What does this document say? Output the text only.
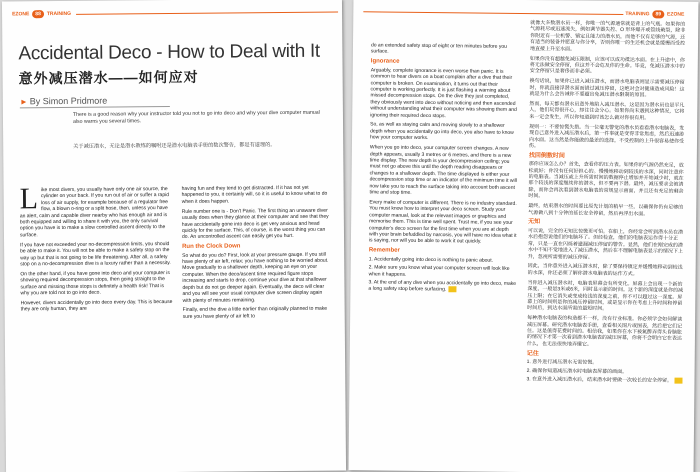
EZONE	88	TRAINING
Accidental Deco - How to Deal with It
意外减压潜水——如何应对
► By Simon Pridmore
There is a good reason why your instructor told you not to go into deco and why your dive computer manual also warns you several times.
关于减压潜水，无论是潜水教练的嘱咐还是潜水电脑表手册的数次警告，都是有道理的。

Like most divers, you usually have only one air source, the cylinder on your back. If you run out of air or suffer a rapid loss of air supply, for example because of a regulator free flow, a blown o-ring or a split hose, then, unless you have an alert, calm and capable diver nearby who has enough air and is both equipped and willing to share it with you, the only survival option you have is to make a slow controlled ascent directly to the surface.

If you have not exceeded your no-decompression limits, you should be able to make it. You will not be able to make a safety stop on the way up but that is not going to be life threatening. After all, a safety stop on a no-decompression dive is a luxury rather than a necessity.

On the other hand, if you have gone into deco and your computer is showing required decompression stops, then going straight to the surface and missing those stops is definitely a health risk! That is why you are told not to go into deco.

However, divers accidentally go into deco every day. This is because they are only human, they are

having fun and they tend to get distracted. If it has not yet happened to you, it certainly will, so it is useful to know what to do when it does happen.

Rule number one is - Don't Panic. The first thing an unaware diver usually does when they glance at their computer and see that they have accidentally gone into deco is get very anxious and head quickly for the surface. This, of course, is the worst thing you can do. An uncontrolled ascent can easily get you hurt.

Run the Clock Down

So what do you do? First, look at your pressure gauge. If you still have plenty of air left, relax; you have nothing to be worried about. Move gradually to a shallower depth, keeping an eye on your computer. When the deco/ascent time required figure stops increasing and starts to drop, continue your dive at that shallower depth but do not go deeper again. Eventually, the deco will clear and you will see your usual computer dive screen display again with plenty of minutes remaining.

Finally, end the dive a little earlier than originally planned to make sure you have plenty of air left to

TRAINING	89	EZONE

do an extended safety stop of eight or ten minutes before you surface.

Ignorance

Arguably, complete ignorance is even worse than panic. It is common to hear divers on a boat complain after a dive that their computer is broken. On examination, it turns out that their computer is working perfectly. It is just flashing a warning about missed decompression stops. On the dive they just completed, they obviously went into deco without noticing and then ascended without understanding what their computer was showing them and ignoring their required deco stops.

So, as well as staying calm and moving slowly to a shallower depth when you accidentally go into deco, you also have to know how your computer works.

When you go into deco, your computer screen changes. A new depth appears, usually 3 metres or 6 metres, and there is a new time display. The new depth is your decompression ceiling; you must not go above this until the depth reading disappears or changes to a shallower depth. The time displayed is either your decompression stop time or an indicator of the minimum time it will now take you to reach the surface taking into account both ascent time and stop time.

Every make of computer is different. There is no industry standard. You must know how to interpret your deco screen. Study your computer manual, look at the relevant images or graphics and memorise them. This is time well spent. Trust me, if you see your computer's deco screen for the first time when you are at depth with your brain befuddled by narcosis, you will have no idea what it is saying, nor will you be able to work it out quickly.

Remember
1. Accidentally going into deco is nothing to panic about.
2. Make sure you know what your computer screen will look like when it happens.
3. At the end of any dive when you accidentally go into deco, make a long safety stop before surfacing.

就像大多数潜水员一样，你唯一的气源通常就是背上的气瓶。如果你的气源耗尽或迅速流失，例如调节器失控、O 形环爆开或管线破裂，除非你附近有一位机警、镇定且能力的潜水员，而他不仅有足够的气源，还有适当的装备并愿意与你分享，否则你唯一的生还机会就是缓慢而受控地直接上升至水面。

如果你没有超越免减压限制，应该可以成功抵达水面。在上升途中，你将无法做安全停留，但这并不会危及你的生命。毕竟，免减压潜水中的安全停留只是奢侈而非必须。

换句话说，如果你已进入减压潜水，而潜水电脑表则显示需要减压停留时，你就直接浮潜水面而错过减压停留，这绝对会对健康造成风险！这就是为什么会告诫你不要超出免减压潜水限制的原因。

然而，每天都有潜水员意外地陷入减压潜水。这是因为潜水员也是平凡人，他们玩得很开心，却往往会分心。如果你尚未遇到这种情况，它将来一定会发生，所以你知道到时该怎么做对你很有用。

规则一：不要惊慌失措。当一位毫无警觉的潜水员看看潜水电脑表，发现自己意外进入减压潜水后，第一件事就是变得非常焦虑，然后迅速游向水面。这当然是你能做的最差的选择。不受控制的上升很容易使你受伤。

找回倒数时间

那你应该怎么办？首先，查看你的压力表。如果你的气源仍然充足，放松就好；你没有任何好担心的。慢慢地移动到较浅的水深，同时注意你的电脑表。当减压或上升所需时间的数据停止增加并开始减少时，就在那个较浅的深度继续你的潜水，但不要再下潜。最终，减压要求会被清除，而你会再次看到潜水电脑表的常规显示画面，并且还有充足的剩余时间。

最终，结束潜水的时间要比原先计划的稍早一些，以确保你仍有足够的气源做八到十分钟的延长安全停留，然后再浮出水面。

无知

可以说，完全的无知比惊慌更可怕。在船上，你经常会听到潜水员在潜水后抱怨说他们的电脑坏了。但经检查，他们的电脑表运作得十分正常，只是一直在闪烁着遗漏减压停留的警告。显然，他们在刚完成的潜水中不知不觉地进入了减压潜水，然后在不理解电脑表显示的情况下上升，忽视所需要的减压停留。

因此，当你意外进入减压潜水时，除了要保持镇定并缓慢地移动到较浅的水深，你还必须了解你潜水电脑表的运作方式。

当你进入减压潜水时，电脑表屏幕会有所变化。屏幕上会出现一个新的深度，一般是3米或6米，同时显示新的时间。这个新的深度就是你的减压上限；在它消失或变成较浅的深度之前，你不可以超过这一深度。屏幕上的时间则是你的减压停留时间，或是显示你在考虑上升时间和停留时间后，到达水面所需的最短时间。

每种潜水电脑表的构造都不一样，没有行业标准。你必须学会如何解读减压屏幕。研究潜水电脑表手册，查看相关图片或图表，然后把它们记住。这是值得花费时间的。相信我，如果你在水下被氮醉弄得头昏脑胀的情况下才第一次看到潜水电脑表的减压屏幕，你将不会明白它在表达什么，也无法很快地弄懂它。

记住
1. 意外进行减压潜水无需惊慌。
2. 确保你知道减压潜水时电脑表屏幕的画面。
3. 在意外进入减压潜水后，结束潜水时要做一次较长的安全停留。
